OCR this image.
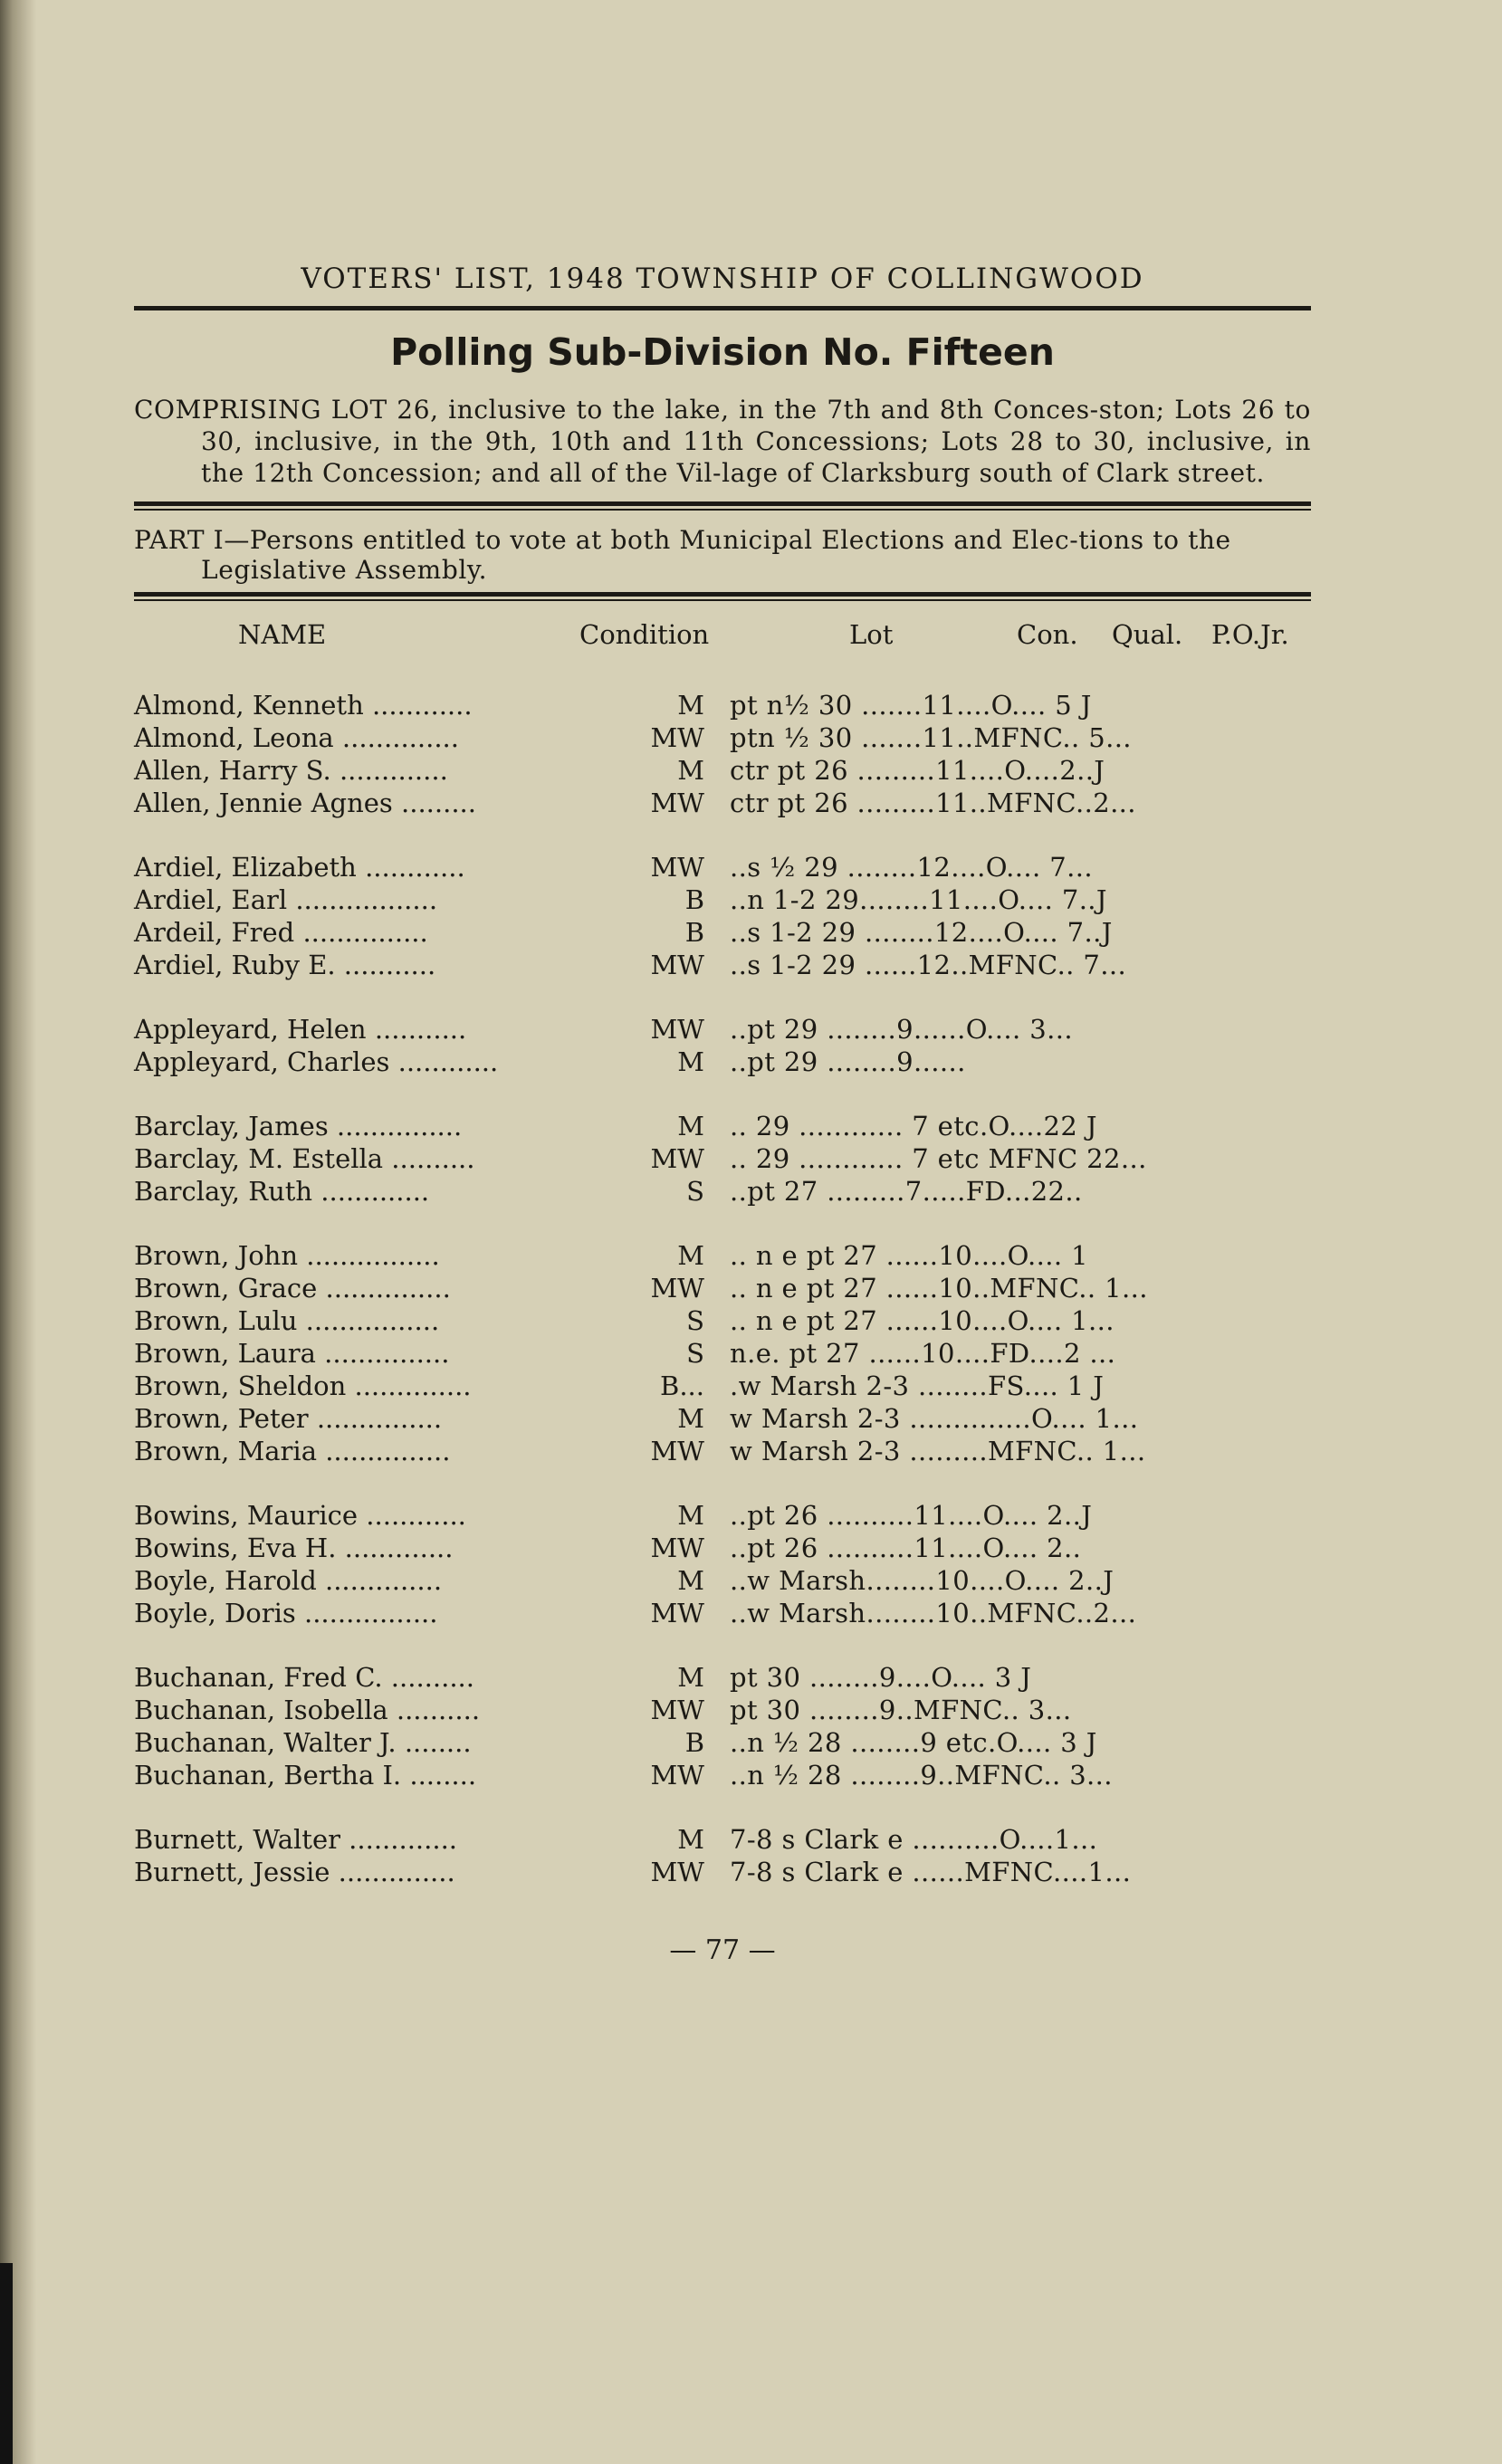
VOTERS' LIST, 1948 TOWNSHIP OF COLLINGWOOD
Polling Sub-Division No. Fifteen
COMPRISING LOT 26, inclusive to the lake, in the 7th and 8th Conces-ston; Lots 26 to 30, inclusive, in the 9th, 10th and 11th Concessions; Lots 28 to 30, inclusive, in the 12th Concession; and all of the Vil-lage of Clarksburg south of Clark street.
PART I—Persons entitled to vote at both Municipal Elections and Elec-tions to the Legislative Assembly.
NAME	Condition	Lot	Con. Qual. P.O.Jr.
Almond, Kenneth ............	M pt n½ 30 .......11....O.... 5 J
Almond, Leona ..............	MW ptn ½ 30 .......11..MFNC.. 5...
Allen, Harry S. .............	M ctr pt 26 .........11....O....2..J
Allen, Jennie Agnes .........	MW ctr pt 26 .........11..MFNC..2...
Ardiel, Elizabeth ............	MW ..s ½ 29 ........12....O.... 7...
Ardiel, Earl .................	B ..n 1-2 29........11....O.... 7..J
Ardeil, Fred ...............	B ..s 1-2 29 ........12....O.... 7..J
Ardiel, Ruby E. ...........	MW ..s 1-2 29 ......12..MFNC.. 7...
Appleyard, Helen ...........	MW ..pt 29 ........9......O.... 3...
Appleyard, Charles ............	M ..pt 29 ........9......
Barclay, James ...............	M .. 29 ............ 7 etc.O....22 J
Barclay, M. Estella ..........	MW .. 29 ............ 7 etc MFNC 22...
Barclay, Ruth .............	S ..pt 27 .........7.....FD...22..
Brown, John ................	M .. n e pt 27 ......10....O.... 1
Brown, Grace ...............	MW .. n e pt 27 ......10..MFNC.. 1...
Brown, Lulu ................	S .. n e pt 27 ......10....O.... 1...
Brown, Laura ...............	S n.e. pt 27 ......10....FD....2 ...
Brown, Sheldon ..............	B... .w Marsh 2-3 ........FS.... 1 J
Brown, Peter ...............	M w Marsh 2-3 ..............O.... 1...
Brown, Maria ...............	MW w Marsh 2-3 .........MFNC.. 1...
Bowins, Maurice ............	M ..pt 26 ..........11....O.... 2..J
Bowins, Eva H. .............	MW ..pt 26 ..........11....O.... 2..
Boyle, Harold ..............	M ..w Marsh........10....O.... 2..J
Boyle, Doris ................	MW ..w Marsh........10..MFNC..2...
Buchanan, Fred C. ..........	M pt 30 ........9....O.... 3 J
Buchanan, Isobella ..........	MW pt 30 ........9..MFNC.. 3...
Buchanan, Walter J. ........	B ..n ½ 28 ........9 etc.O.... 3 J
Buchanan, Bertha I. ........	MW ..n ½ 28 ........9..MFNC.. 3...
Burnett, Walter .............	M 7-8 s Clark e ..........O....1...
Burnett, Jessie ..............	MW 7-8 s Clark e ......MFNC....1...
— 77 —
